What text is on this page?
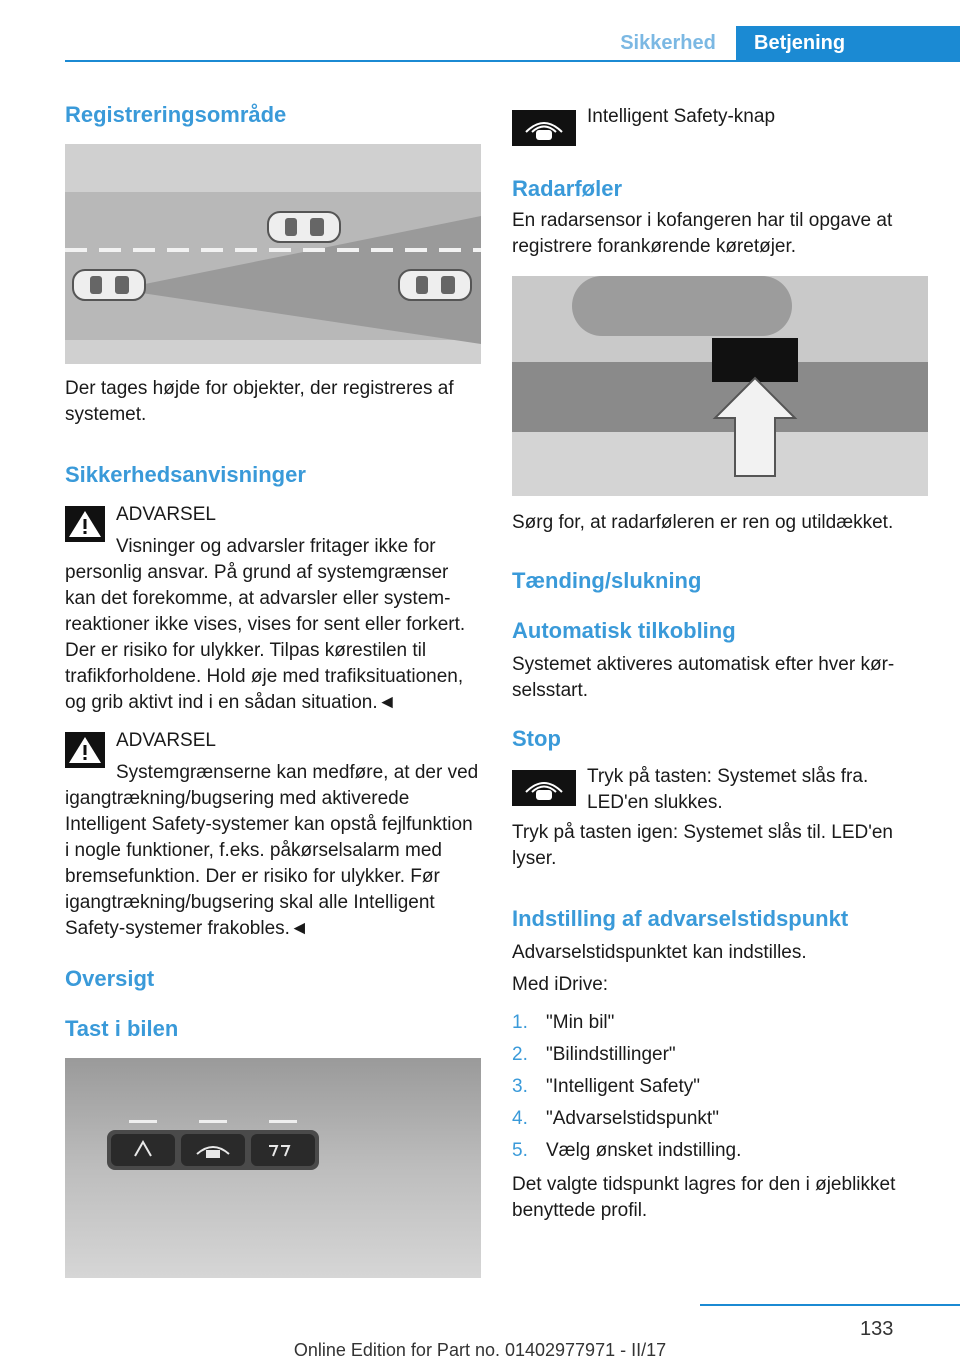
Sikkerhed	Betjening
Registreringsområde

Der tages højde for objekter, der registreres af systemet.

Sikkerhedsanvisninger
ADVARSEL

Visninger og advarsler fritager ikke for personlig ansvar. På grund af systemgrænser kan det forekomme, at advarsler eller systemreaktioner ikke vises, vises for sent eller forkert. Der er risiko for ulykker. Tilpas kørestilen til trafikforholdene. Hold øje med trafiksituationen, og grib aktivt ind i en sådan situation.◄

ADVARSEL

Systemgrænserne kan medføre, at der ved igangtrækning/bugsering med aktiverede Intelligent Safety-systemer kan opstå fejlfunktion i nogle funktioner, f.eks. påkørselsalarm med bremsefunktion. Der er risiko for ulykker. Før igangtrækning/bugsering skal alle Intelligent Safety-systemer frakobles.◄

Oversigt
Tast i bilen
Intelligent Safety-knap
Radarføler

En radarsensor i kofangeren har til opgave at registrere forankørende køretøjer.

Sørg for, at radarføleren er ren og utildækket.

Tænding/slukning
Automatisk tilkobling

Systemet aktiveres automatisk efter hver kørselsstart.

Stop

Tryk på tasten: Systemet slås fra. LED'en slukkes.

Tryk på tasten igen: Systemet slås til. LED'en lyser.

Indstilling af advarselstidspunkt

Advarselstidspunktet kan indstilles.

Med iDrive:

1. "Min bil"
2. "Bilindstillinger"
3. "Intelligent Safety"
4. "Advarselstidspunkt"
5. Vælg ønsket indstilling.

Det valgte tidspunkt lagres for den i øjeblikket benyttede profil.

133
Online Edition for Part no. 01402977971 - II/17
